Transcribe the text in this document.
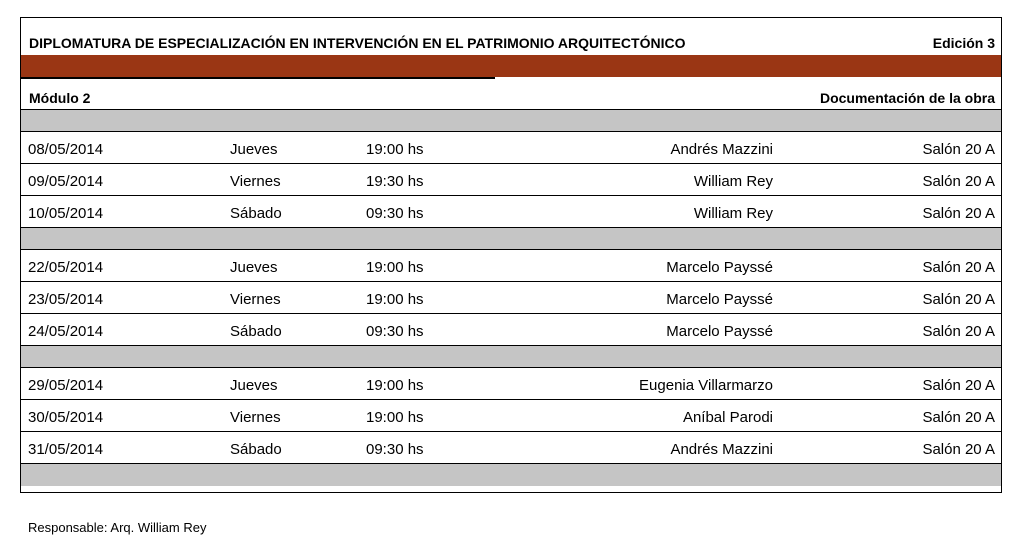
DIPLOMATURA DE ESPECIALIZACIÓN EN INTERVENCIÓN EN EL PATRIMONIO ARQUITECTÓNICO	Edición 3
Módulo 2	Documentación de la obra
08/05/2014	Jueves	19:00 hs	Andrés Mazzini	Salón 20 A
09/05/2014	Viernes	19:30 hs	William Rey	Salón 20 A
10/05/2014	Sábado	09:30 hs	William Rey	Salón 20 A
22/05/2014	Jueves	19:00 hs	Marcelo Payssé	Salón 20 A
23/05/2014	Viernes	19:00 hs	Marcelo Payssé	Salón 20 A
24/05/2014	Sábado	09:30 hs	Marcelo Payssé	Salón 20 A
29/05/2014	Jueves	19:00 hs	Eugenia Villarmarzo	Salón 20 A
30/05/2014	Viernes	19:00 hs	Aníbal Parodi	Salón 20 A
31/05/2014	Sábado	09:30 hs	Andrés Mazzini	Salón 20 A
Responsable: Arq. William Rey
